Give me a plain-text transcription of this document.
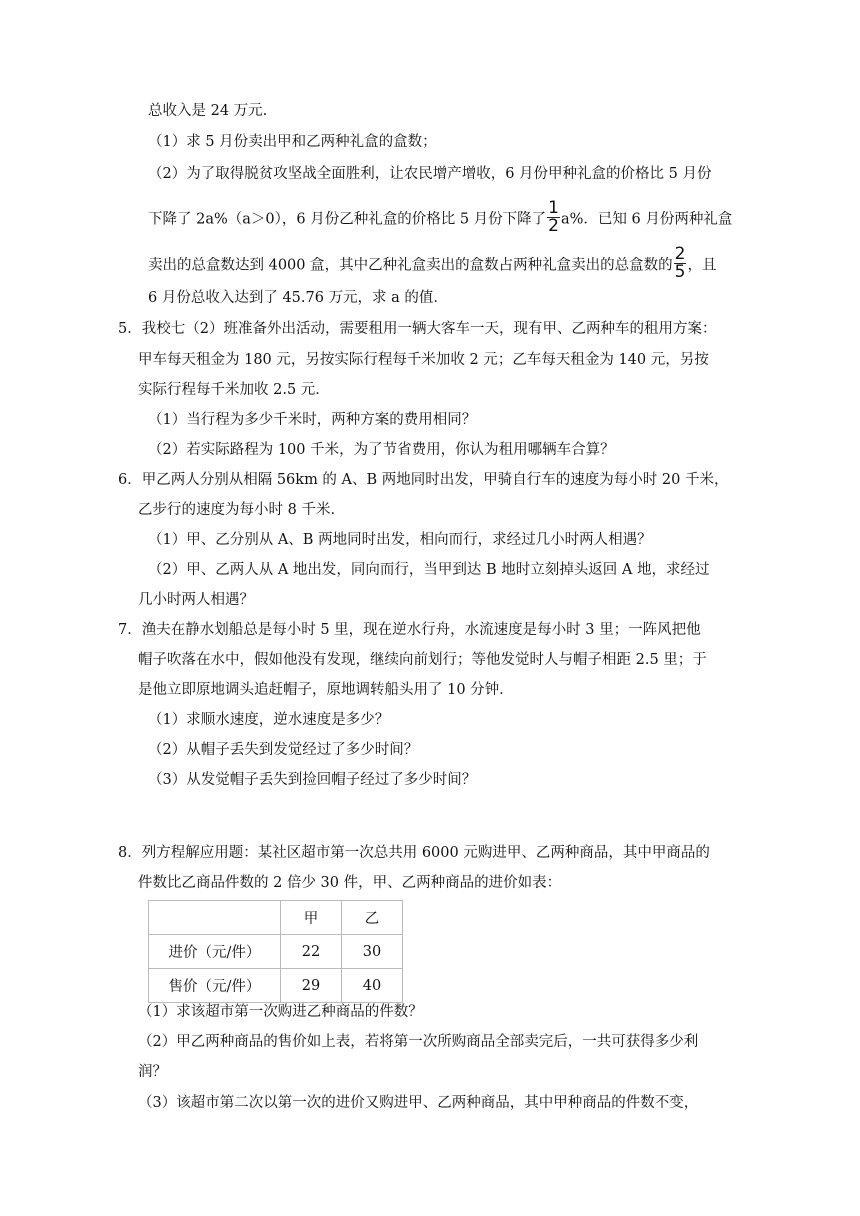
总收入是 24 万元.
（1）求 5 月份卖出甲和乙两种礼盒的盒数；
（2）为了取得脱贫攻坚战全面胜利，让农民增产增收，6 月份甲种礼盒的价格比 5 月份
下降了 2a%（a＞0），6 月份乙种礼盒的价格比 5 月份下降了 $\frac{1}{2} a\%$．已知 6 月份两种礼盒
卖出的总盒数达到 4000 盒，其中乙种礼盒卖出的盒数占两种礼盒卖出的总盒数的 $\frac{2}{5}$ ，且
6 月份总收入达到了 45.76 万元，求 a 的值．
5．我校七（2）班准备外出活动，需要租用一辆大客车一天，现有甲、乙两种车的租用方案：
甲车每天租金为 180 元，另按实际行程每千米加收 2 元；乙车每天租金为 140 元，另按
实际行程每千米加收 2.5 元．
（1）当行程为多少千米时，两种方案的费用相同？
（2）若实际路程为 100 千米，为了节省费用，你认为租用哪辆车合算？
6．甲乙两人分别从相隔 56km 的 A、B 两地同时出发，甲骑自行车的速度为每小时 20 千米，
乙步行的速度为每小时 8 千米．
（1）甲、乙分别从 A、B 两地同时出发，相向而行，求经过几小时两人相遇？
（2）甲、乙两人从 A 地出发，同向而行，当甲到达 B 地时立刻掉头返回 A 地，求经过
几小时两人相遇？
7．渔夫在静水划船总是每小时 5 里，现在逆水行舟，水流速度是每小时 3 里；一阵风把他
帽子吹落在水中，假如他没有发现，继续向前划行；等他发觉时人与帽子相距 2.5 里；于
是他立即原地调头追赶帽子，原地调转船头用了 10 分钟．
（1）求顺水速度，逆水速度是多少？
（2）从帽子丢失到发觉经过了多少时间？
（3）从发觉帽子丢失到捡回帽子经过了多少时间？
8．列方程解应用题：某社区超市第一次总共用 6000 元购进甲、乙两种商品，其中甲商品的
件数比乙商品件数的 2 倍少 30 件，甲、乙两种商品的进价如表：
	甲	乙
进价（元/件）	22	30
售价（元/件）	29	40
（1）求该超市第一次购进乙种商品的件数？
（2）甲乙两种商品的售价如上表，若将第一次所购商品全部卖完后，一共可获得多少利
润？
（3）该超市第二次以第一次的进价又购进甲、乙两种商品，其中甲种商品的件数不变，
